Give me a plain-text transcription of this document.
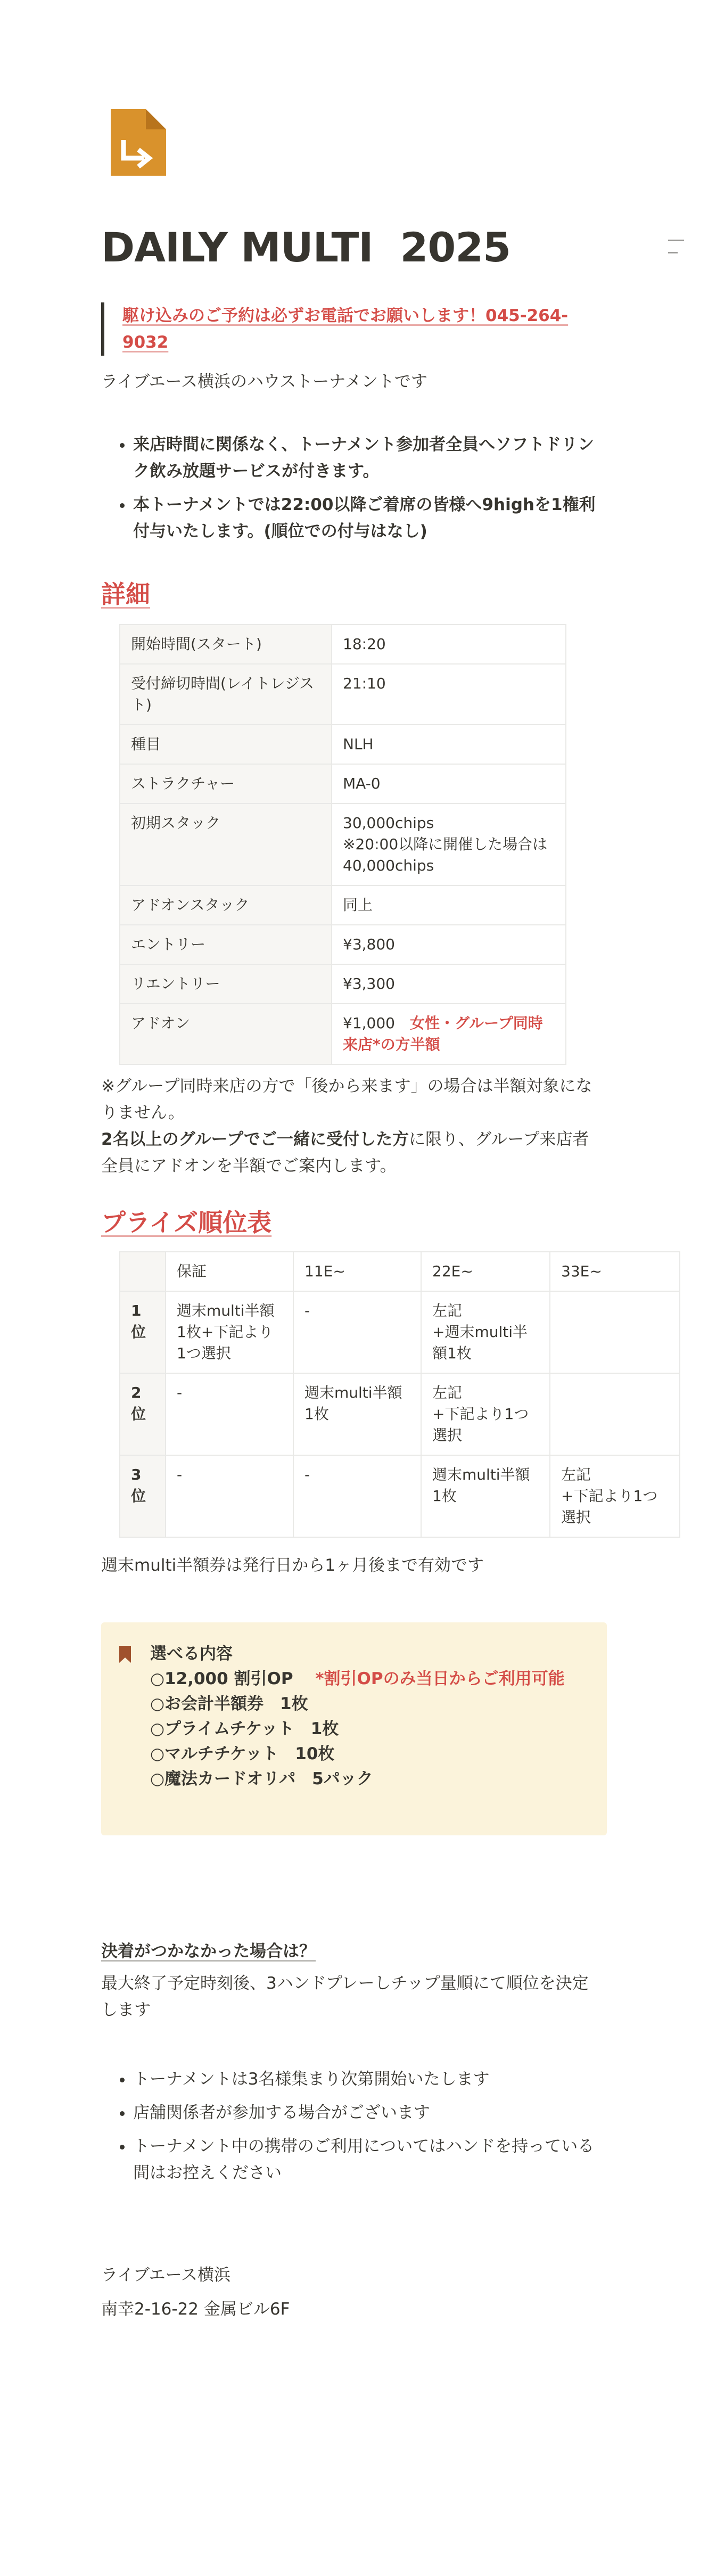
DAILY MULTI  2025
駆け込みのご予約は必ずお電話でお願いします！045-264-9032
ライブエース横浜のハウストーナメントです
• 来店時間に関係なく、トーナメント参加者全員へソフトドリンク飲み放題サービスが付きます。
• 本トーナメントでは22:00以降ご着席の皆様へ9highを1権利付与いたします。(順位での付与はなし)
詳細
開始時間(スタート)	18:20
受付締切時間(レイトレジスト)	21:10
種目	NLH
ストラクチャー	MA-0
初期スタック	30,000chips
※20:00以降に開催した場合は40,000chips

アドオンスタック	同上
エントリー	¥3,800
リエントリー	¥3,300
アドオン	¥1,000　 女性・グループ同時来店*の方半額
※グループ同時来店の方で「後から来ます」の場合は半額対象になりません。
2名以上のグループでご一緒に受付した方に限り、グループ来店者全員にアドオンを半額でご案内します。
プライズ順位表
	保証	11E~	22E~	33E~
1位	週末multi半額1枚+下記より1つ選択	-	左記
+週末multi半額1枚	
2位	-	週末multi半額1枚	左記
+下記より1つ選択	
3位	-	-	週末multi半額1枚	左記
+下記より1つ選択
週末multi半額券は発行日から1ヶ月後まで有効です
選べる内容
○12,000 割引OP　 *割引OPのみ当日からご利用可能
○お会計半額券　1枚
○プライムチケット　1枚
○マルチチケット　10枚
○魔法カードオリパ　5パック
決着がつかなかった場合は？
最大終了予定時刻後、3ハンドプレーしチップ量順にて順位を決定します
• トーナメントは3名様集まり次第開始いたします
• 店舗関係者が参加する場合がございます
• トーナメント中の携帯のご利用についてはハンドを持っている間はお控えください
ライブエース横浜
南幸2-16-22 金属ビル6F
